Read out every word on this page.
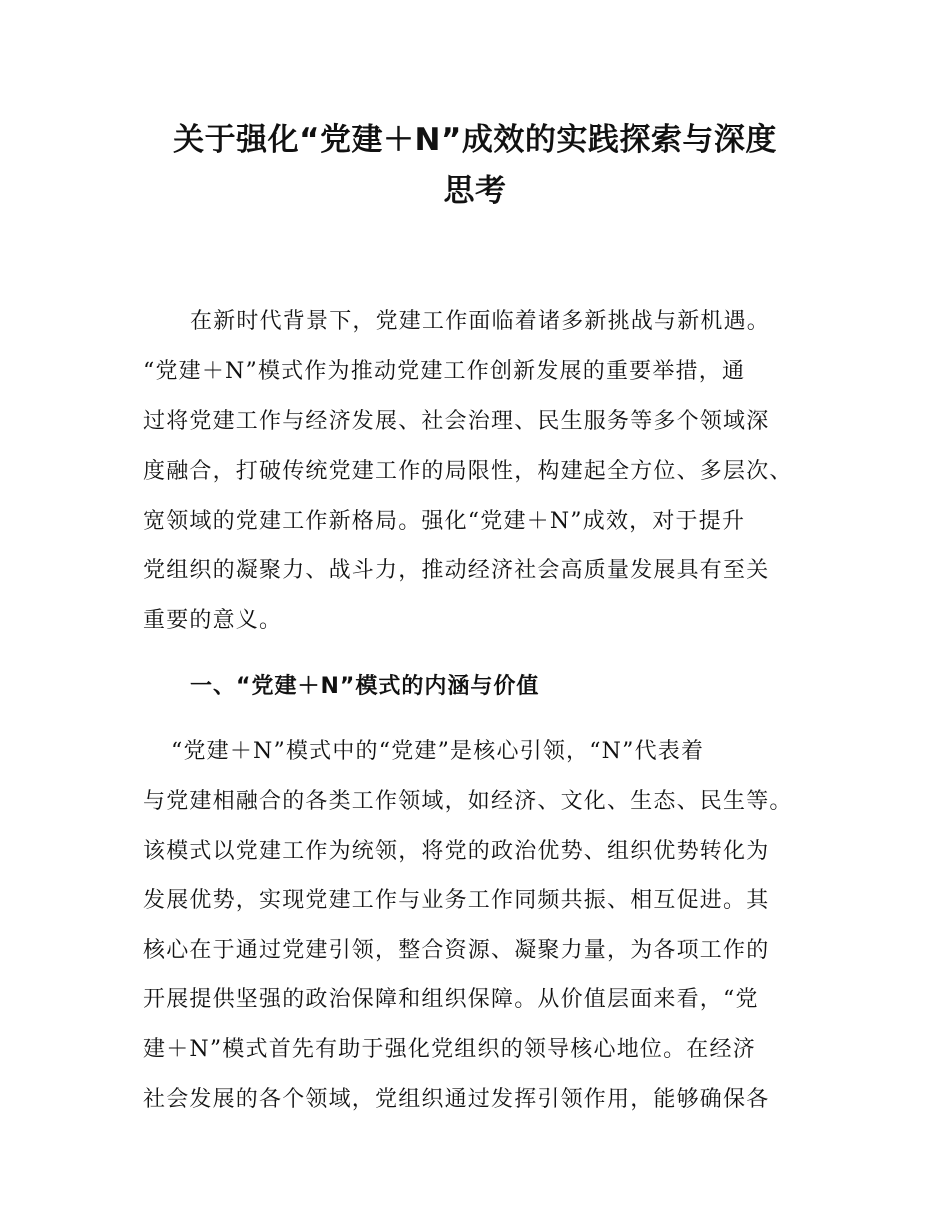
关于强化“党建＋N”成效的实践探索与深度
思考
在新时代背景下，党建工作面临着诸多新挑战与新机遇。
“党建＋N”模式作为推动党建工作创新发展的重要举措，通
过将党建工作与经济发展、社会治理、民生服务等多个领域深
度融合，打破传统党建工作的局限性，构建起全方位、多层次、
宽领域的党建工作新格局。强化“党建＋N”成效，对于提升
党组织的凝聚力、战斗力，推动经济社会高质量发展具有至关
重要的意义。
一、“党建＋N”模式的内涵与价值
“党建＋N”模式中的“党建”是核心引领，“N”代表着
与党建相融合的各类工作领域，如经济、文化、生态、民生等。
该模式以党建工作为统领，将党的政治优势、组织优势转化为
发展优势，实现党建工作与业务工作同频共振、相互促进。其
核心在于通过党建引领，整合资源、凝聚力量，为各项工作的
开展提供坚强的政治保障和组织保障。从价值层面来看，“党
建＋N”模式首先有助于强化党组织的领导核心地位。在经济
社会发展的各个领域，党组织通过发挥引领作用，能够确保各
